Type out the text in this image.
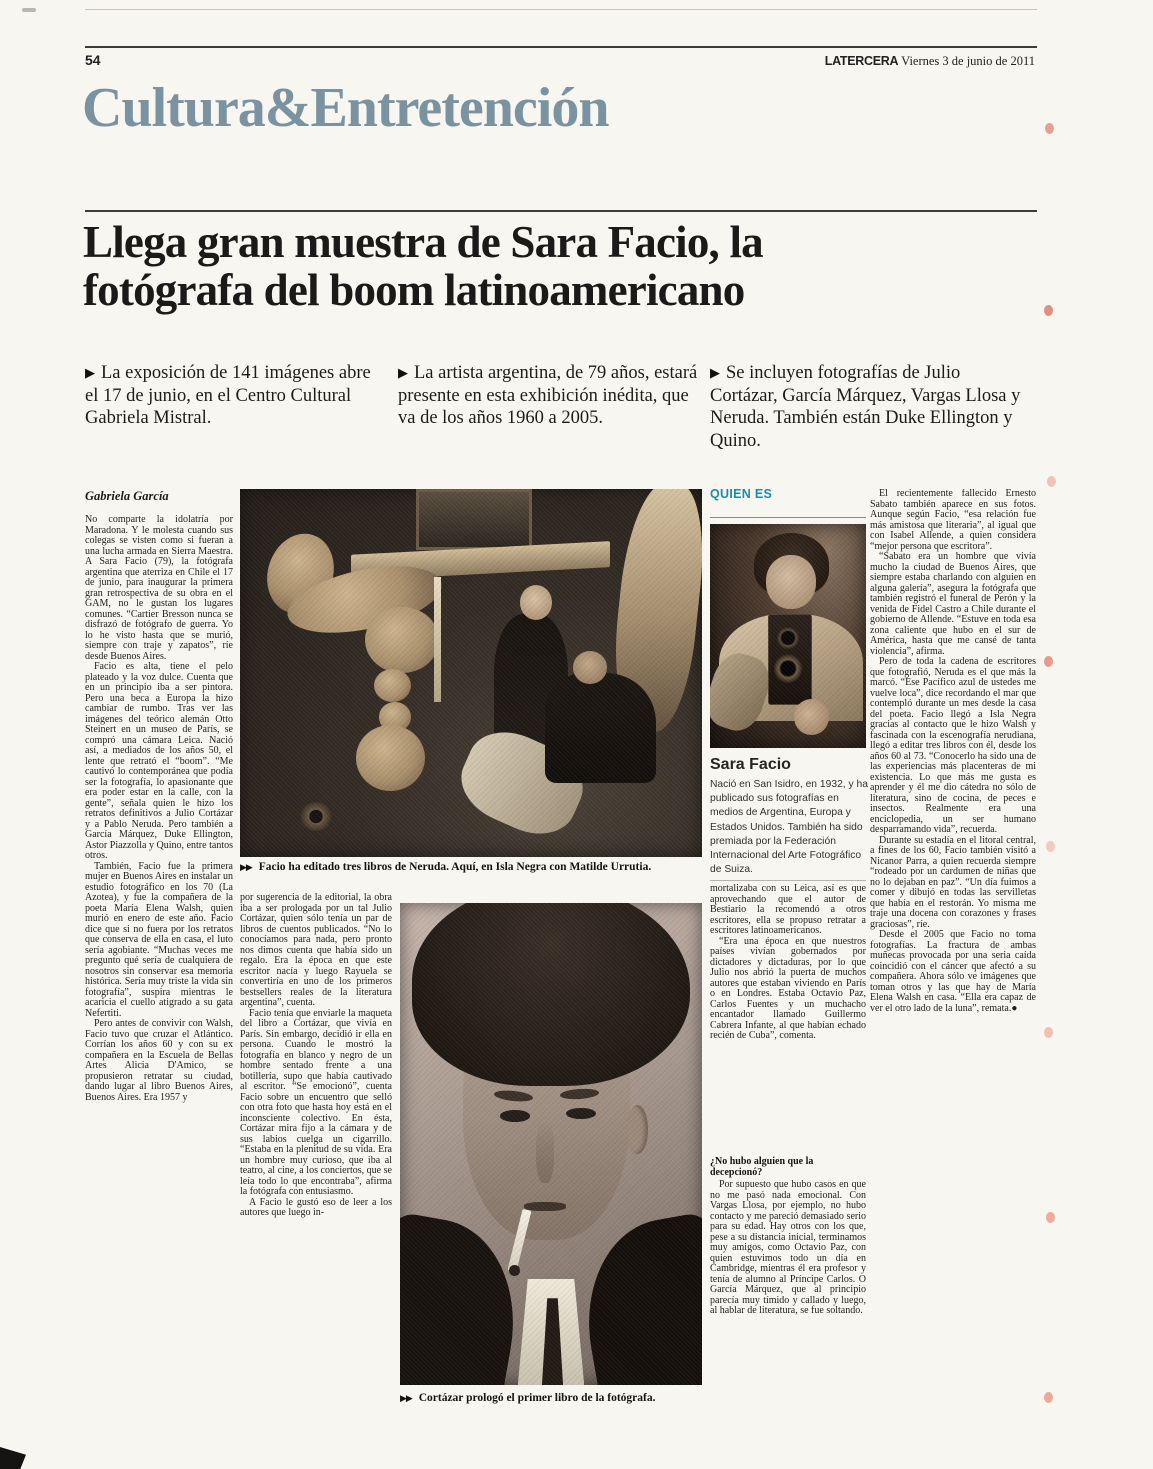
54	LATERCERA Viernes 3 de junio de 2011
Cultura&Entretención
Llega gran muestra de Sara Facio, la fotógrafa del boom latinoamericano
▶ La exposición de 141 imágenes abre el 17 de junio, en el Centro Cultural Gabriela Mistral.
▶ La artista argentina, de 79 años, estará presente en esta exhibición inédita, que va de los años 1960 a 2005.
▶ Se incluyen fotografías de Julio Cortázar, García Márquez, Vargas Llosa y Neruda. También están Duke Ellington y Quino.
Gabriela García

No comparte la idolatría por Maradona. Y le molesta cuando sus colegas se visten como si fueran a una lucha armada en Sierra Maestra. A Sara Facio (79), la fotógrafa argentina que aterriza en Chile el 17 de junio, para inaugurar la primera gran retrospectiva de su obra en el GAM, no le gustan los lugares comunes. “Cartier Bresson nunca se disfrazó de fotógrafo de guerra. Yo lo he visto hasta que se murió, siempre con traje y zapatos”, ríe desde Buenos Aires.

Facio es alta, tiene el pelo plateado y la voz dulce. Cuenta que en un principio iba a ser pintora. Pero una beca a Europa la hizo cambiar de rumbo. Tras ver las imágenes del teórico alemán Otto Steinert en un museo de París, se compró una cámara Leica. Nació así, a mediados de los años 50, el lente que retrató el “boom”. “Me cautivó lo contemporánea que podía ser la fotografía, lo apasionante que era poder estar en la calle, con la gente”, señala quien le hizo los retratos definitivos a Julio Cortázar y a Pablo Neruda. Pero también a García Márquez, Duke Ellington, Astor Piazzolla y Quino, entre tantos otros.

También, Facio fue la primera mujer en Buenos Aires en instalar un estudio fotográfico en los 70 (La Azotea), y fue la compañera de la poeta María Elena Walsh, quien murió en enero de este año. Facio dice que si no fuera por los retratos que conserva de ella en casa, el luto sería agobiante. “Muchas veces me pregunto qué sería de cualquiera de nosotros sin conservar esa memoria histórica. Sería muy triste la vida sin fotografía”, suspira mientras le acaricia el cuello atigrado a su gata Nefertiti.

Pero antes de convivir con Walsh, Facio tuvo que cruzar el Atlántico. Corrían los años 60 y con su ex compañera en la Escuela de Bellas Artes Alicia D'Amico, se propusieron retratar su ciudad, dando lugar al libro Buenos Aires, Buenos Aires. Era 1957 y

▶▶ Facio ha editado tres libros de Neruda. Aquí, en Isla Negra con Matilde Urrutia.

por sugerencia de la editorial, la obra iba a ser prologada por un tal Julio Cortázar, quien sólo tenía un par de libros de cuentos publicados. “No lo conocíamos para nada, pero pronto nos dimos cuenta que había sido un regalo. Era la época en que este escritor nacía y luego Rayuela se convertiría en uno de los primeros bestsellers reales de la literatura argentina”, cuenta.

Facio tenía que enviarle la maqueta del libro a Cortázar, que vivía en París. Sin embargo, decidió ir ella en persona. Cuando le mostró la fotografía en blanco y negro de un hombre sentado frente a una botillería, supo que había cautivado al escritor. “Se emocionó”, cuenta Facio sobre un encuentro que selló con otra foto que hasta hoy está en el inconsciente colectivo. En ésta, Cortázar mira fijo a la cámara y de sus labios cuelga un cigarrillo. “Estaba en la plenitud de su vida. Era un hombre muy curioso, que iba al teatro, al cine, a los conciertos, que se leía todo lo que encontraba”, afirma la fotógrafa con entusiasmo.

A Facio le gustó eso de leer a los autores que luego in-

▶▶ Cortázar prologó el primer libro de la fotógrafa.
QUIEN ES
Sara Facio
Nació en San Isidro, en 1932, y ha publicado sus fotografías en medios de Argentina, Europa y Estados Unidos. También ha sido premiada por la Federación Internacional del Arte Fotográfico de Suiza.

mortalizaba con su Leica, así es que aprovechando que el autor de Bestiario la recomendó a otros escritores, ella se propuso retratar a escritores latinoamericanos.

“Era una época en que nuestros países vivían gobernados por dictadores y dictaduras, por lo que Julio nos abrió la puerta de muchos autores que estaban viviendo en París o en Londres. Estaba Octavio Paz, Carlos Fuentes y un muchacho encantador llamado Guillermo Cabrera Infante, al que habían echado recién de Cuba”, comenta.

¿No hubo alguien que la decepcionó?

Por supuesto que hubo casos en que no me pasó nada emocional. Con Vargas Llosa, por ejemplo, no hubo contacto y me pareció demasiado serio para su edad. Hay otros con los que, pese a su distancia inicial, terminamos muy amigos, como Octavio Paz, con quien estuvimos todo un día en Cambridge, mientras él era profesor y tenía de alumno al Príncipe Carlos. O García Márquez, que al principio parecía muy tímido y callado y luego, al hablar de literatura, se fue soltando.

El recientemente fallecido Ernesto Sabato también aparece en sus fotos. Aunque según Facio, “esa relación fue más amistosa que literaria”, al igual que con Isabel Allende, a quien considera “mejor persona que escritora”.

“Sabato era un hombre que vivía mucho la ciudad de Buenos Aires, que siempre estaba charlando con alguien en alguna galería”, asegura la fotógrafa que también registró el funeral de Perón y la venida de Fidel Castro a Chile durante el gobierno de Allende. “Estuve en toda esa zona caliente que hubo en el sur de América, hasta que me cansé de tanta violencia”, afirma.

Pero de toda la cadena de escritores que fotografió, Neruda es el que más la marcó. “Ese Pacífico azul de ustedes me vuelve loca”, dice recordando el mar que contempló durante un mes desde la casa del poeta. Facio llegó a Isla Negra gracias al contacto que le hizo Walsh y fascinada con la escenografía nerudiana, llegó a editar tres libros con él, desde los años 60 al 73. “Conocerlo ha sido una de las experiencias más placenteras de mi existencia. Lo que más me gusta es aprender y él me dio cátedra no sólo de literatura, sino de cocina, de peces e insectos. Realmente era una enciclopedia, un ser humano desparramando vida”, recuerda.

Durante su estadía en el litoral central, a fines de los 60, Facio también visitó a Nicanor Parra, a quien recuerda siempre “rodeado por un cardumen de niñas que no lo dejaban en paz”. “Un día fuimos a comer y dibujó en todas las servilletas que había en el restorán. Yo misma me traje una docena con corazones y frases graciosas”, ríe.

Desde el 2005 que Facio no toma fotografías. La fractura de ambas muñecas provocada por una seria caída coincidió con el cáncer que afectó a su compañera. Ahora sólo ve imágenes que toman otros y las que hay de María Elena Walsh en casa. “Ella era capaz de ver el otro lado de la luna”, remata.●
